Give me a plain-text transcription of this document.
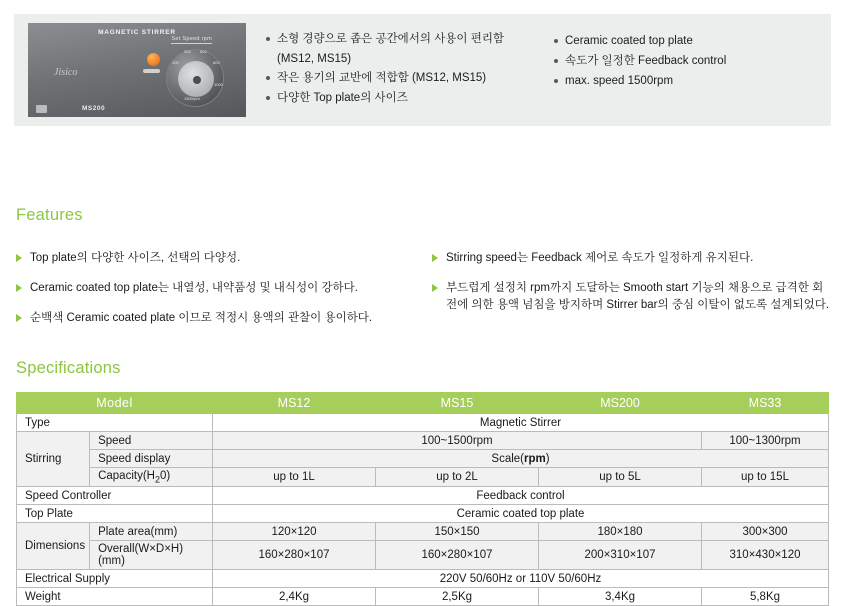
MAGNETIC STIRRER
Jisico
MS200
Set Speed rpm
100
300 500
800
1000
1500rpm
소형 경량으로 좁은 공간에서의 사용이 편리함
(MS12, MS15)
작은 용기의 교반에 적합함 (MS12, MS15)
다양한 Top plate의 사이즈
Ceramic coated top plate
속도가 일정한 Feedback control
max. speed 1500rpm
Features
Top plate의 다양한 사이즈, 선택의 다양성.
Ceramic coated top plate는 내열성, 내약품성 및 내식성이 강하다.
순백색 Ceramic coated plate 이므로 적정시 용액의 관찰이 용이하다.
Stirring speed는 Feedback 제어로 속도가 일정하게 유지된다.
부드럽게 설정치 rpm까지 도달하는 Smooth start 기능의 채용으로 급격한 회전에 의한 용액 넘침을 방지하며 Stirrer bar의 중심 이탈이 없도록 설계되었다.
Specifications
Model		MS12	MS15	MS200	MS33
Type		Magnetic Stirrer			
Stirring	Speed	100~1500rpm			100~1300rpm
	Speed display	Scale(rpm)			
	$Capacity(H_20)$	up to 1L	up to 2L	up to 5L	up to 15L
Speed Controller		Feedback control			
Top Plate		Ceramic coated top plate			
Dimensions	Plate area(mm)	120×120	150×150	180×180	300×300
	Overall(W×D×H)(mm)	160×280×107	160×280×107	200×310×107	310×430×120
Electrical Supply		220V 50/60Hz or 110V 50/60Hz			
Weight		2,4Kg	2,5Kg	3,4Kg	5,8Kg
